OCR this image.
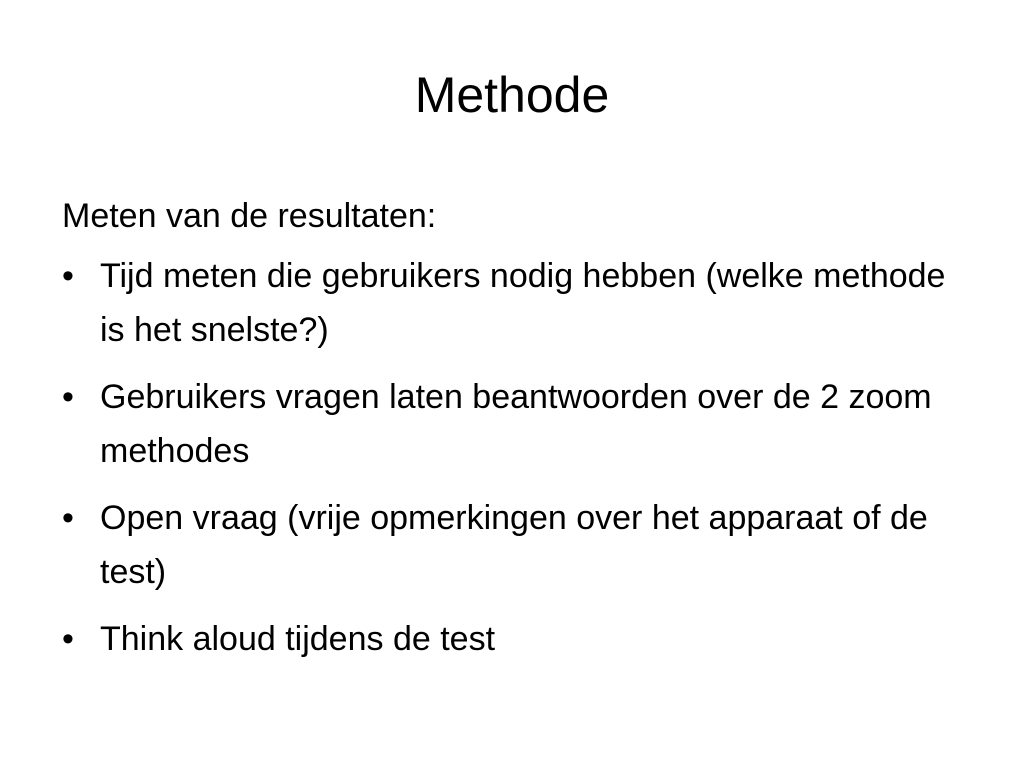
Methode
Meten van de resultaten:
• Tijd meten die gebruikers nodig hebben (welke methode is het snelste?)
• Gebruikers vragen laten beantwoorden over de 2 zoom methodes
• Open vraag (vrije opmerkingen over het apparaat of de test)
• Think aloud tijdens de test
